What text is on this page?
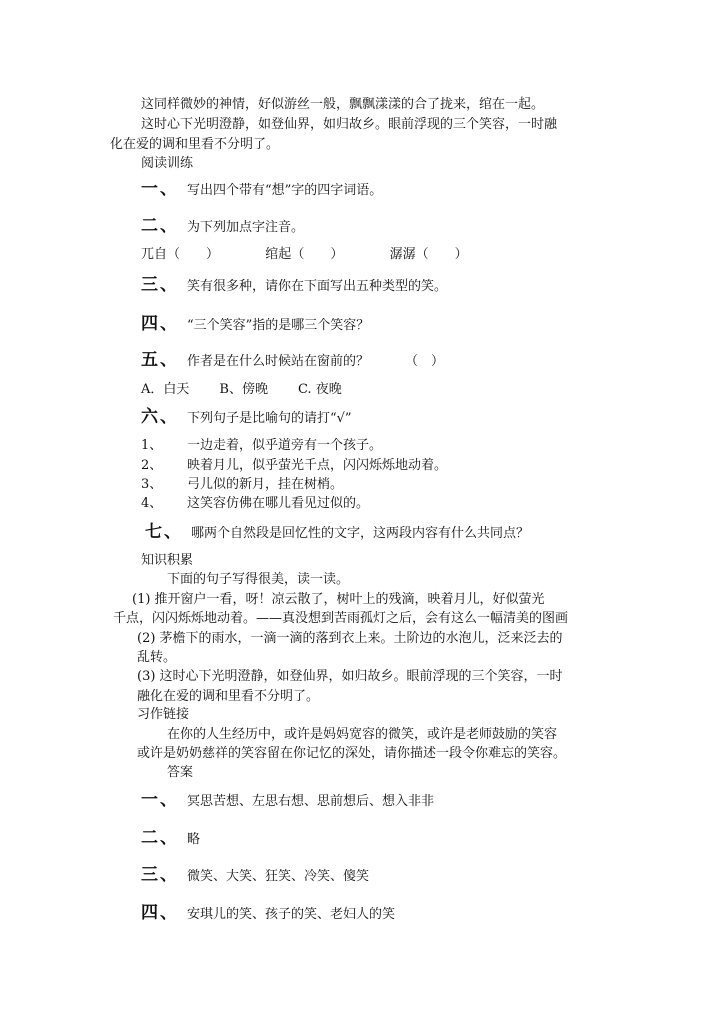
这同样微妙的神情，好似游丝一般，飘飘漾漾的合了拢来，绾在一起。
这时心下光明澄静，如登仙界，如归故乡。眼前浮现的三个笑容，一时融
化在爱的调和里看不分明了。
阅读训练
一、 写出四个带有“想”字的四字词语。
二、 为下列加点字注音。
兀自（　　）	绾起（　　）	潺潺（　　）
三、 笑有很多种，请你在下面写出五种类型的笑。
四、 “三个笑容”指的是哪三个笑容？
五、 作者是在什么时候站在窗前的？	（　）
A．白天 B、傍晚 C. 夜晚
六、 下列句子是比喻句的请打“√”
1、 一边走着，似乎道旁有一个孩子。
2、 映着月儿，似乎萤光千点，闪闪烁烁地动着。
3、 弓儿似的新月，挂在树梢。
4、 这笑容仿佛在哪儿看见过似的。
七、 哪两个自然段是回忆性的文字，这两段内容有什么共同点？
知识积累
下面的句子写得很美，读一读。
(1) 推开窗户一看，呀！凉云散了，树叶上的残滴，映着月儿，好似萤光
千点，闪闪烁烁地动着。——真没想到苦雨孤灯之后，会有这么一幅清美的图画
(2) 茅檐下的雨水，一滴一滴的落到衣上来。土阶边的水泡儿，泛来泛去的
乱转。
(3) 这时心下光明澄静，如登仙界，如归故乡。眼前浮现的三个笑容，一时
融化在爱的调和里看不分明了。
习作链接
在你的人生经历中，或许是妈妈宽容的微笑，或许是老师鼓励的笑容
或许是奶奶慈祥的笑容留在你记忆的深处，请你描述一段令你难忘的笑容。
答案
一、 冥思苦想、左思右想、思前想后、想入非非
二、 略
三、 微笑、大笑、狂笑、冷笑、傻笑
四、 安琪儿的笑、孩子的笑、老妇人的笑
